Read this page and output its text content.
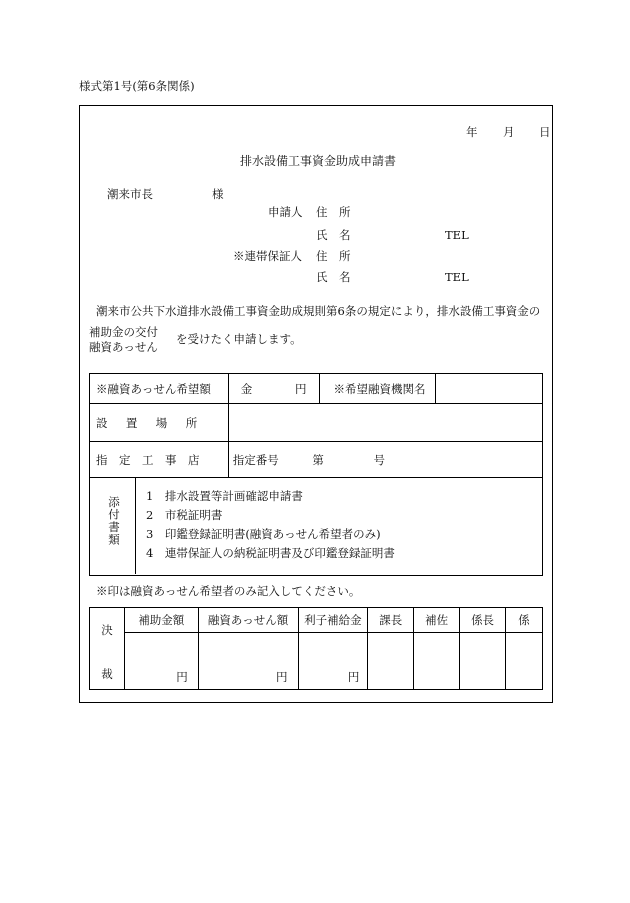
様式第1号(第6条関係)
年 月 日
排水設備工事資金助成申請書
潮来市長	様
申請人 住　所
氏　名	TEL
※連帯保証人 住　所
氏　名	TEL
潮来市公共下水道排水設備工事資金助成規則第6条の規定により，排水設備工事資金の
補助金の交付
融資あっせん
を受けたく申請します。
※融資あっせん希望額	金 円	※希望融資機関名	
設　置　場　所			
指　定　工　事　店	指定番号 第 号		

添付書類 1　排水設置等計画確認申請書
2　市税証明書
3　印鑑登録証明書(融資あっせん希望者のみ)
4　連帯保証人の納税証明書及び印鑑登録証明書			
※印は融資あっせん希望者のみ記入してください。
決
裁	補助金額	融資あっせん額	利子補給金	課長	補佐	係長	係
	円	円	円				
